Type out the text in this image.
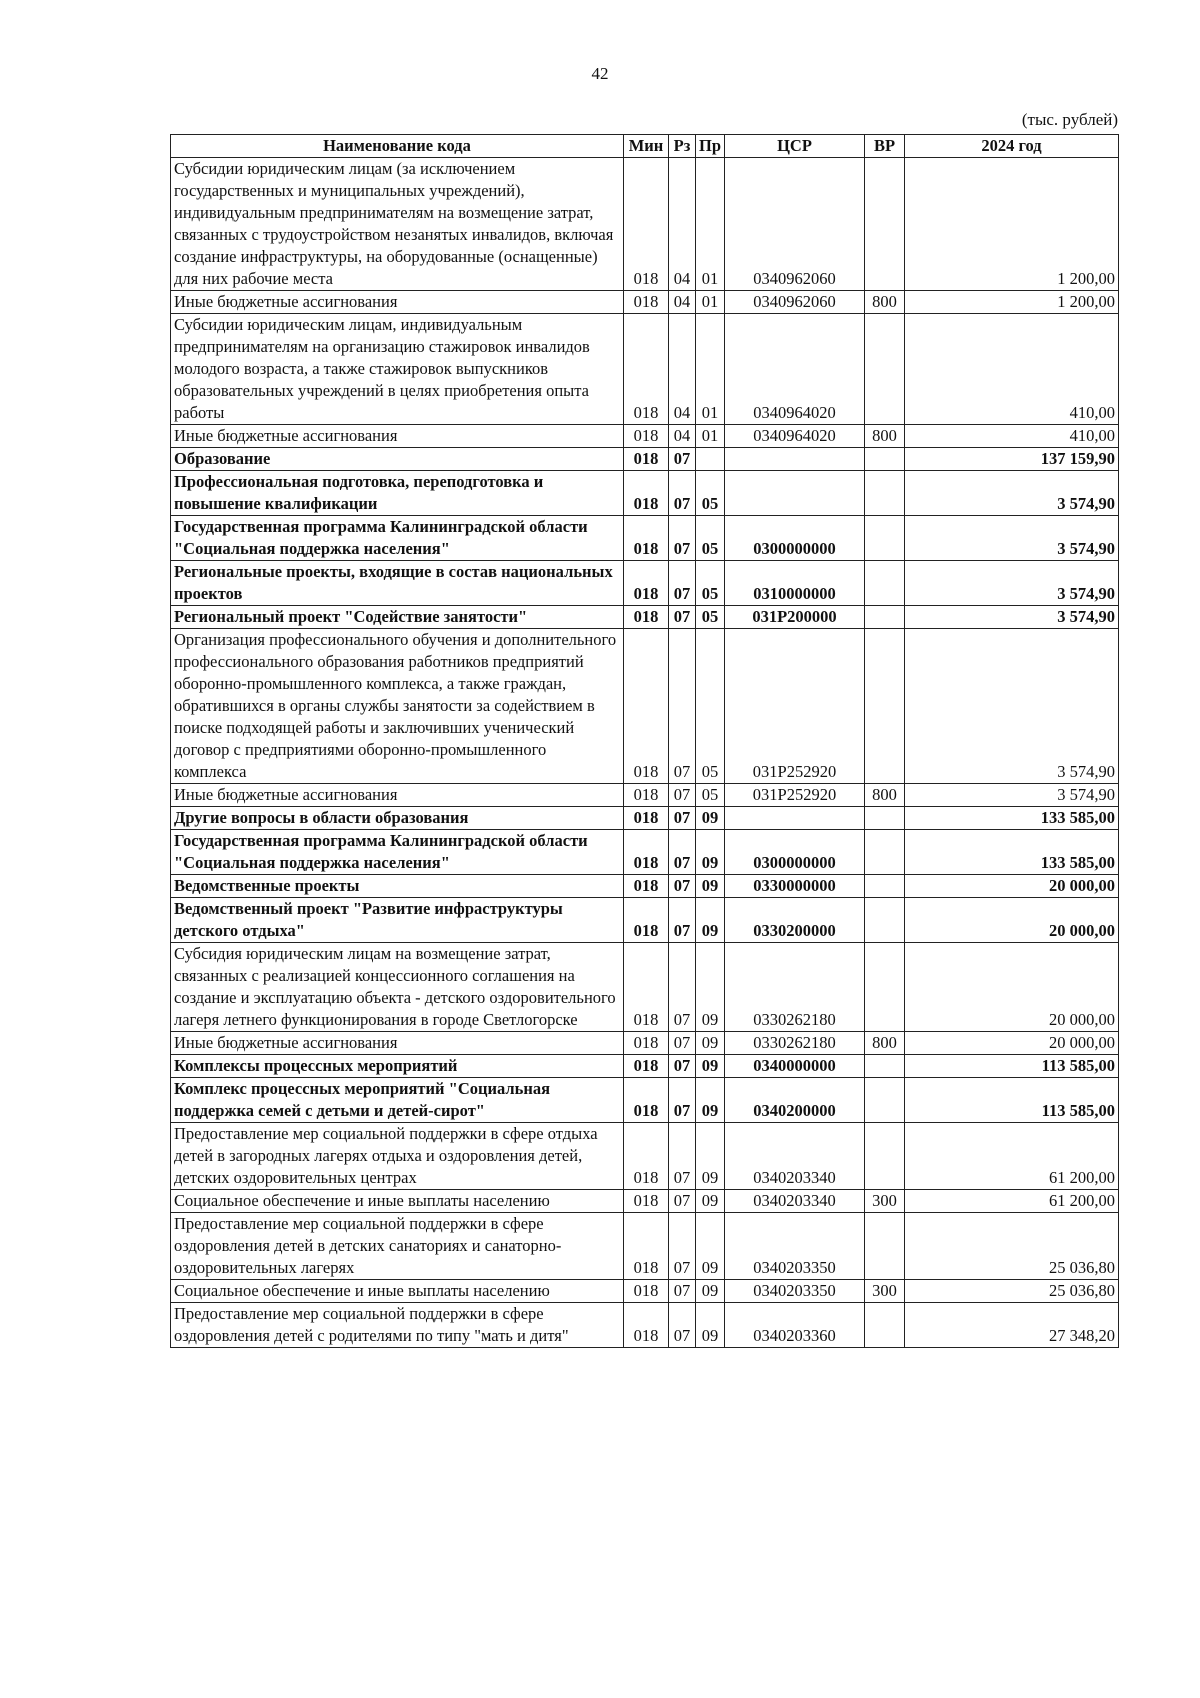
42
(тыс. рублей)
Наименование кода	Мин	Рз	Пр	ЦСР	ВР	2024 год
Субсидии юридическим лицам (за исключением государственных и муниципальных учреждений), индивидуальным предпринимателям на возмещение затрат, связанных с трудоустройством незанятых инвалидов, включая создание инфраструктуры, на оборудованные (оснащенные) для них рабочие места	018	04	01	0340962060		1 200,00
Иные бюджетные ассигнования	018	04	01	0340962060	800	1 200,00
Субсидии юридическим лицам, индивидуальным предпринимателям на организацию стажировок инвалидов молодого возраста, а также стажировок выпускников образовательных учреждений в целях приобретения опыта работы	018	04	01	0340964020		410,00
Иные бюджетные ассигнования	018	04	01	0340964020	800	410,00
Образование	018	07				137 159,90
Профессиональная подготовка, переподготовка и повышение квалификации	018	07	05			3 574,90
Государственная программа Калининградской области "Социальная поддержка населения"	018	07	05	0300000000		3 574,90
Региональные проекты, входящие в состав национальных проектов	018	07	05	0310000000		3 574,90
Региональный проект "Содействие занятости"	018	07	05	031P200000		3 574,90
Организация профессионального обучения и дополнительного профессионального образования работников предприятий оборонно-промышленного комплекса, а также граждан, обратившихся в органы службы занятости за содействием в поиске подходящей работы и заключивших ученический договор с предприятиями оборонно-промышленного комплекса	018	07	05	031P252920		3 574,90
Иные бюджетные ассигнования	018	07	05	031P252920	800	3 574,90
Другие вопросы в области образования	018	07	09			133 585,00
Государственная программа Калининградской области "Социальная поддержка населения"	018	07	09	0300000000		133 585,00
Ведомственные проекты	018	07	09	0330000000		20 000,00
Ведомственный проект "Развитие инфраструктуры детского отдыха"	018	07	09	0330200000		20 000,00
Субсидия юридическим лицам на возмещение затрат, связанных с реализацией концессионного соглашения на создание и эксплуатацию объекта - детского оздоровительного лагеря летнего функционирования в городе Светлогорске	018	07	09	0330262180		20 000,00
Иные бюджетные ассигнования	018	07	09	0330262180	800	20 000,00
Комплексы процессных мероприятий	018	07	09	0340000000		113 585,00
Комплекс процессных мероприятий "Социальная поддержка семей с детьми и детей-сирот"	018	07	09	0340200000		113 585,00
Предоставление мер социальной поддержки в сфере отдыха детей в загородных лагерях отдыха и оздоровления детей, детских оздоровительных центрах	018	07	09	0340203340		61 200,00
Социальное обеспечение и иные выплаты населению	018	07	09	0340203340	300	61 200,00
Предоставление мер социальной поддержки в сфере оздоровления детей в детских санаториях и санаторно-оздоровительных лагерях	018	07	09	0340203350		25 036,80
Социальное обеспечение и иные выплаты населению	018	07	09	0340203350	300	25 036,80
Предоставление мер социальной поддержки в сфере оздоровления детей с родителями по типу "мать и дитя"	018	07	09	0340203360		27 348,20
